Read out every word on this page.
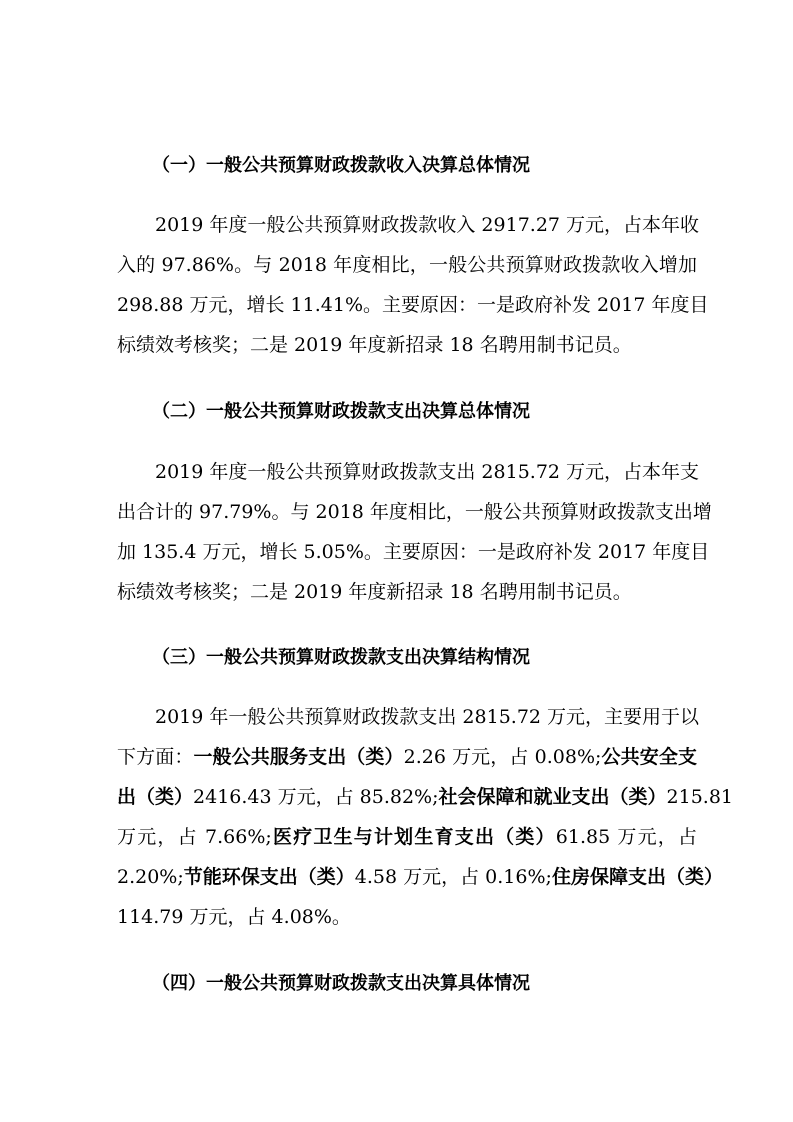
（一）一般公共预算财政拨款收入决算总体情况
2019 年度一般公共预算财政拨款收入 2917.27 万元，占本年收
入的 97.86%。与 2018 年度相比，一般公共预算财政拨款收入增加
298.88 万元，增长 11.41%。主要原因：一是政府补发 2017 年度目
标绩效考核奖；二是 2019 年度新招录 18 名聘用制书记员。
（二）一般公共预算财政拨款支出决算总体情况
2019 年度一般公共预算财政拨款支出 2815.72 万元，占本年支
出合计的 97.79%。与 2018 年度相比，一般公共预算财政拨款支出增
加 135.4 万元，增长 5.05%。主要原因：一是政府补发 2017 年度目
标绩效考核奖；二是 2019 年度新招录 18 名聘用制书记员。
（三）一般公共预算财政拨款支出决算结构情况
2019 年一般公共预算财政拨款支出 2815.72 万元，主要用于以
下方面：一般公共服务支出（类）2.26 万元，占 0.08%;公共安全支
出（类）2416.43 万元，占 85.82%;社会保障和就业支出（类）215.81
万元，占 7.66%;医疗卫生与计划生育支出（类）61.85 万元，占
2.20%;节能环保支出（类）4.58 万元，占 0.16%;住房保障支出（类）
114.79 万元，占 4.08%。
（四）一般公共预算财政拨款支出决算具体情况
